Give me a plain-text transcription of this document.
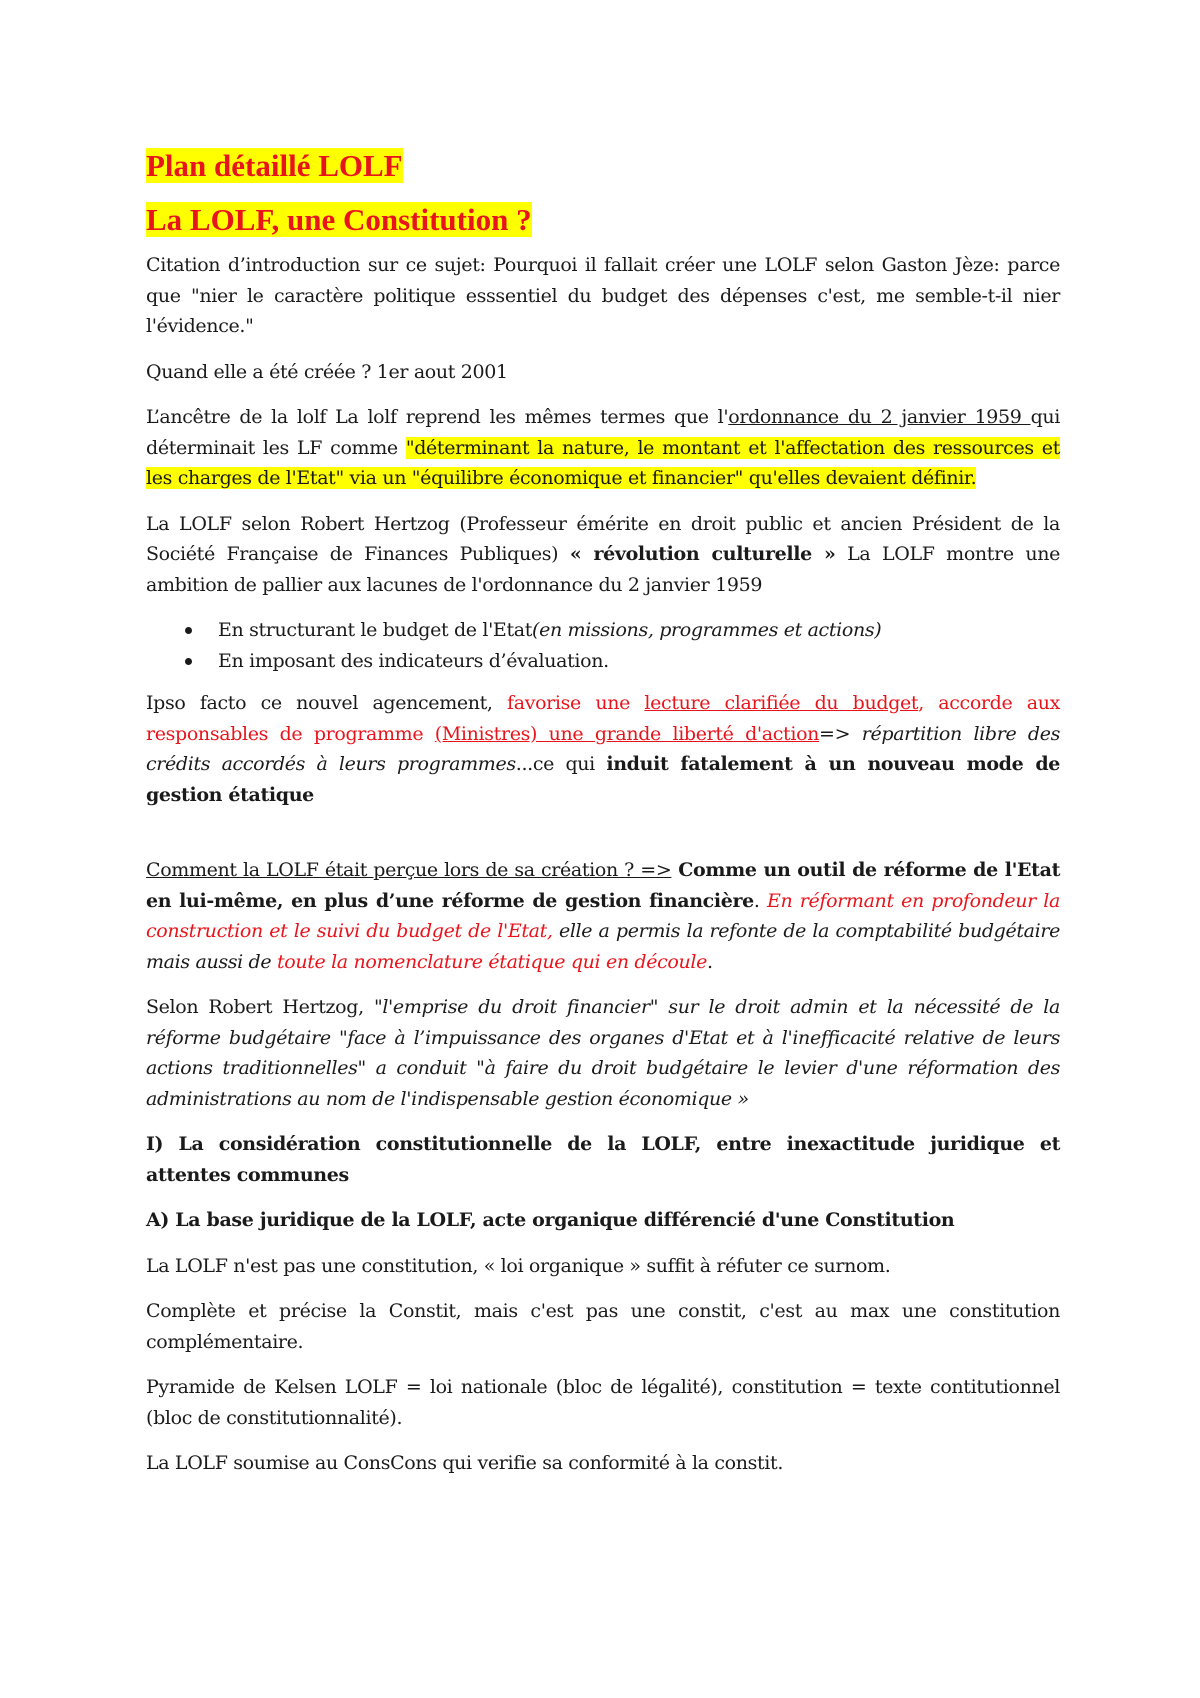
Plan détaillé LOLF
La LOLF, une Constitution ?

Citation d’introduction sur ce sujet: Pourquoi il fallait créer une LOLF selon Gaston Jèze: parce que "nier le caractère politique esssentiel du budget des dépenses c'est, me semble-t-il nier l'évidence."

Quand elle a été créée ? 1er aout 2001

L’ancêtre de la lolf La lolf reprend les mêmes termes que l'ordonnance du 2 janvier 1959 qui déterminait les LF comme "déterminant la nature, le montant et l'affectation des ressources et les charges de l'Etat" via un "équilibre économique et financier" qu'elles devaient définir.

La LOLF selon Robert Hertzog (Professeur émérite en droit public et ancien Président de la Société Française de Finances Publiques) « révolution culturelle » La LOLF montre une ambition de pallier aux lacunes de l'ordonnance du 2 janvier 1959

En structurant le budget de l'Etat(en missions, programmes et actions)
En imposant des indicateurs d’évaluation.

Ipso facto ce nouvel agencement, favorise une lecture clarifiée du budget, accorde aux responsables de programme (Ministres) une grande liberté d'action=> répartition libre des crédits accordés à leurs programmes...ce qui induit fatalement à un nouveau mode de gestion étatique

Comment la LOLF était perçue lors de sa création ? => Comme un outil de réforme de l'Etat en lui-même, en plus d’une réforme de gestion financière. En réformant en profondeur la construction et le suivi du budget de l'Etat, elle a permis la refonte de la comptabilité budgétaire mais aussi de toute la nomenclature étatique qui en découle.

Selon Robert Hertzog, "l'emprise du droit financier" sur le droit admin et la nécessité de la réforme budgétaire "face à l’impuissance des organes d'Etat et à l'inefficacité relative de leurs actions traditionnelles" a conduit "à faire du droit budgétaire le levier d'une réformation des administrations au nom de l'indispensable gestion économique »

I) La considération constitutionnelle de la LOLF, entre inexactitude juridique et attentes communes
A) La base juridique de la LOLF, acte organique différencié d'une Constitution

La LOLF n'est pas une constitution, « loi organique » suffit à réfuter ce surnom.

Complète et précise la Constit, mais c'est pas une constit, c'est au max une constitution complémentaire.

Pyramide de Kelsen LOLF = loi nationale (bloc de légalité), constitution = texte contitutionnel (bloc de constitutionnalité).

La LOLF soumise au ConsCons qui verifie sa conformité à la constit.
